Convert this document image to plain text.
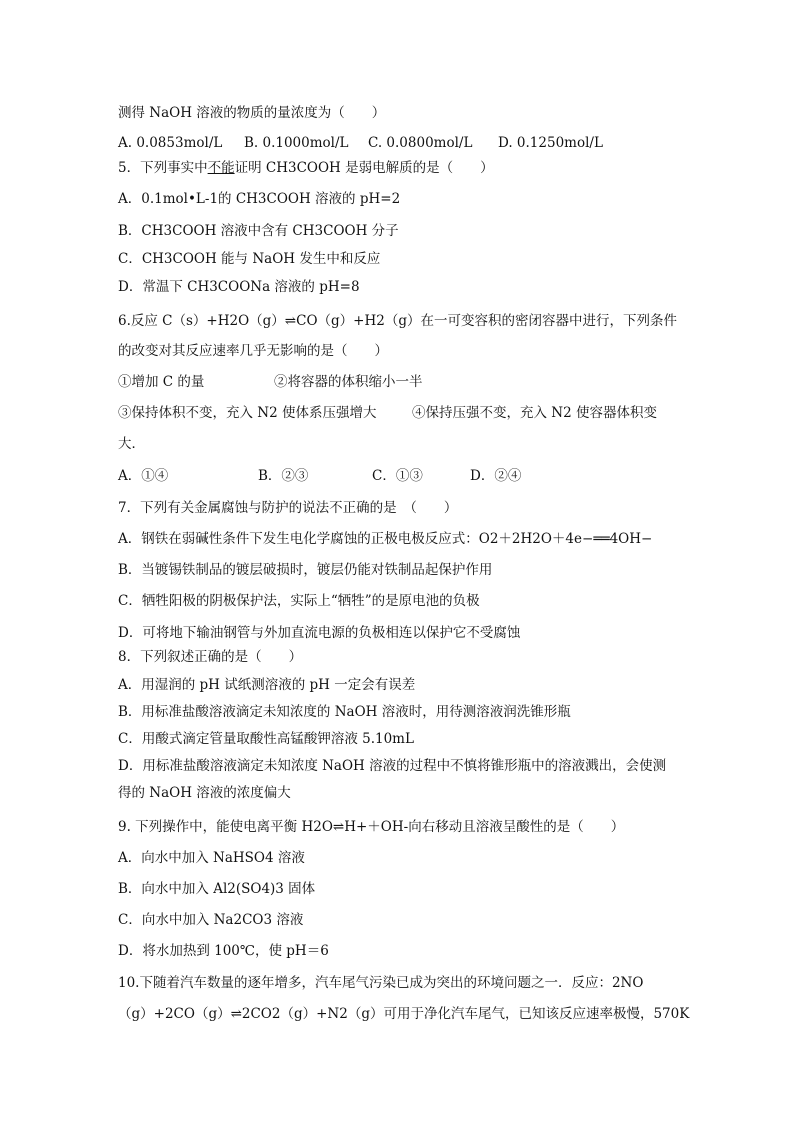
测得 NaOH 溶液的物质的量浓度为（　　）
A. 0.0853mol/L B. 0.1000mol/L C. 0.0800mol/L D. 0.1250mol/L
5．下列事实中不能证明 CH3COOH 是弱电解质的是（　　）
A．0.1mol•L-1的 CH3COOH 溶液的 pH=2
B．CH3COOH 溶液中含有 CH3COOH 分子
C．CH3COOH 能与 NaOH 发生中和反应
D．常温下 CH3COONa 溶液的 pH=8
6.反应 C（s）+H2O（g）⇌CO（g）+H2（g）在一可变容积的密闭容器中进行，下列条件
的改变对其反应速率几乎无影响的是（　　）
①增加 C 的量	②将容器的体积缩小一半
③保持体积不变，充入 N2 使体系压强增大	④保持压强不变，充入 N2 使容器体积变
大．
A．①④	B．②③	C．①③	D．②④
7．下列有关金属腐蚀与防护的说法不正确的是　（　　）
A．钢铁在弱碱性条件下发生电化学腐蚀的正极电极反应式：O2＋2H2O＋4e−══4OH−
B．当镀锡铁制品的镀层破损时，镀层仍能对铁制品起保护作用
C．牺牲阳极的阴极保护法，实际上“牺牲”的是原电池的负极
D．可将地下输油钢管与外加直流电源的负极相连以保护它不受腐蚀
8．下列叙述正确的是（　　）
A．用湿润的 pH 试纸测溶液的 pH 一定会有误差
B．用标准盐酸溶液滴定未知浓度的 NaOH 溶液时，用待测溶液润洗锥形瓶
C．用酸式滴定管量取酸性高锰酸钾溶液 5.10mL
D．用标准盐酸溶液滴定未知浓度 NaOH 溶液的过程中不慎将锥形瓶中的溶液溅出，会使测
得的 NaOH 溶液的浓度偏大
9. 下列操作中，能使电离平衡 H2O⇌H+＋OH-向右移动且溶液呈酸性的是（　　）
A．向水中加入 NaHSO4 溶液
B．向水中加入 Al2(SO4)3 固体
C．向水中加入 Na2CO3 溶液
D．将水加热到 100℃，使 pH＝6
10.下随着汽车数量的逐年增多，汽车尾气污染已成为突出的环境问题之一．反应：2NO
（g）+2CO（g）⇌2CO2（g）+N2（g）可用于净化汽车尾气，已知该反应速率极慢，570K
